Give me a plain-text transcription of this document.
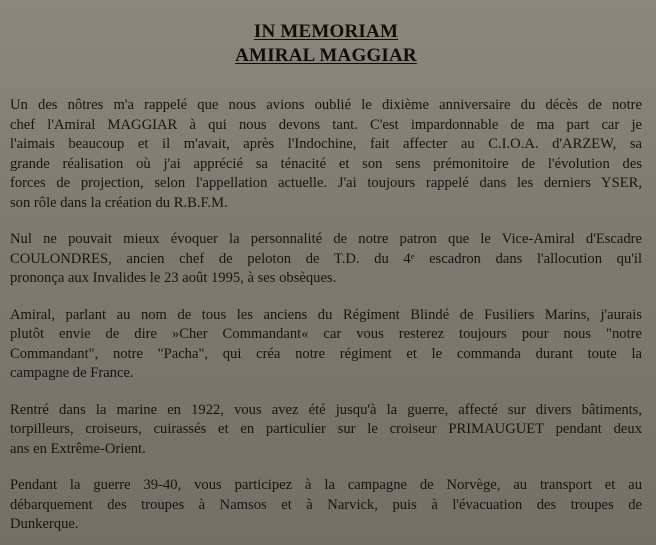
IN MEMORIAM
AMIRAL MAGGIAR

Un des nôtres m'a rappelé que nous avions oublié le dixième anniversaire du décès de notre
chef l'Amiral MAGGIAR à qui nous devons tant. C'est impardonnable de ma part car je
l'aimais beaucoup et il m'avait, après l'Indochine, fait affecter au C.I.O.A. d'ARZEW, sa
grande réalisation où j'ai apprécié sa ténacité et son sens prémonitoire de l'évolution des
forces de projection, selon l'appellation actuelle. J'ai toujours rappelé dans les derniers YSER,
son rôle dans la création du R.B.F.M.

Nul ne pouvait mieux évoquer la personnalité de notre patron que le Vice-Amiral d'Escadre
COULONDRES, ancien chef de peloton de T.D. du 4ᵉ escadron dans l'allocution qu'il
prononça aux Invalides le 23 août 1995, à ses obsèques.

Amiral, parlant au nom de tous les anciens du Régiment Blindé de Fusiliers Marins, j'aurais
plutôt envie de dire »Cher Commandant« car vous resterez toujours pour nous "notre
Commandant", notre "Pacha", qui créa notre régiment et le commanda durant toute la
campagne de France.

Rentré dans la marine en 1922, vous avez été jusqu'à la guerre, affecté sur divers bâtiments,
torpilleurs, croiseurs, cuirassés et en particulier sur le croiseur PRIMAUGUET pendant deux
ans en Extrême-Orient.

Pendant la guerre 39-40, vous participez à la campagne de Norvège, au transport et au
débarquement des troupes à Namsos et à Narvick, puis à l'évacuation des troupes de
Dunkerque.
